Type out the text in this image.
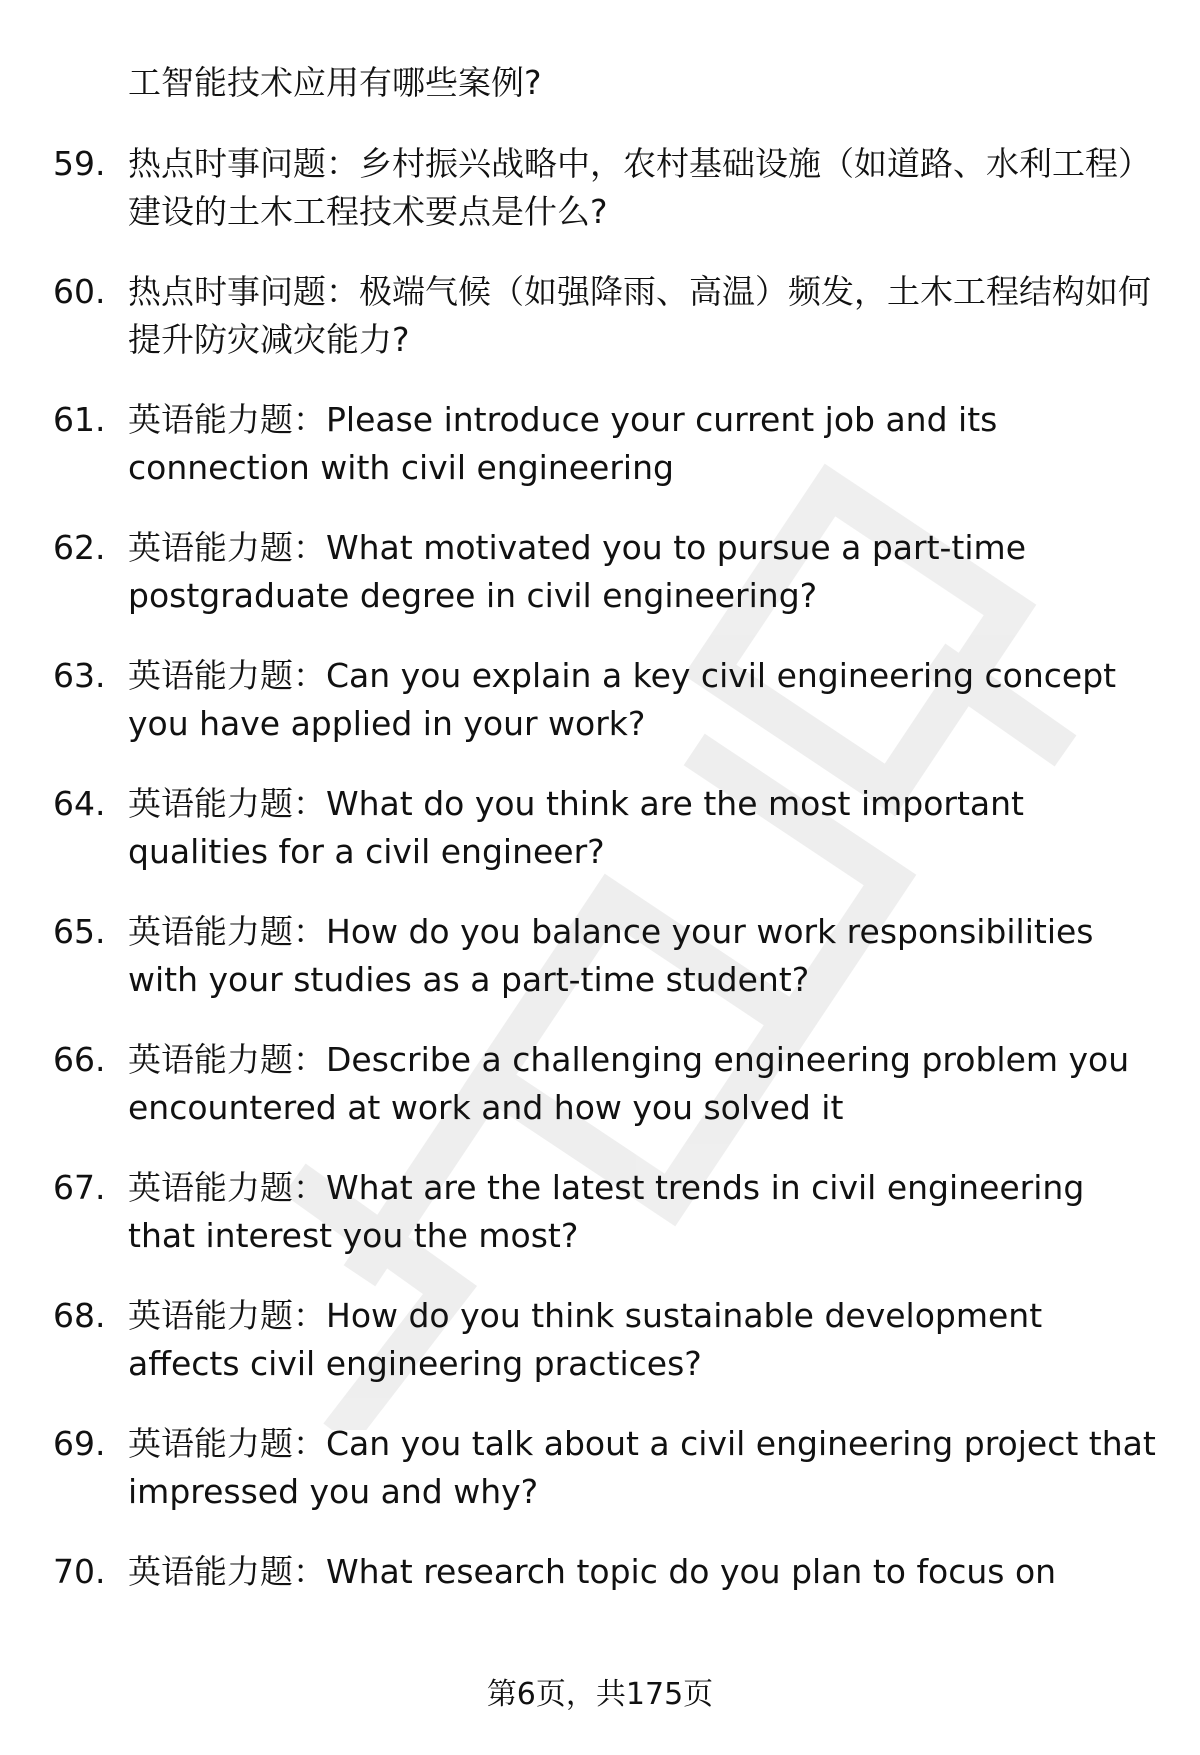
工智能技术应用有哪些案例?
59. 热点时事问题：乡村振兴战略中，农村基础设施（如道路、水利工程）建设的土木工程技术要点是什么?
60. 热点时事问题：极端气候（如强降雨、高温）频发，土木工程结构如何提升防灾减灾能力?
61. 英语能力题：Please introduce your current job and its connection with civil engineering
62. 英语能力题：What motivated you to pursue a part-time postgraduate degree in civil engineering?
63. 英语能力题：Can you explain a key civil engineering concept you have applied in your work?
64. 英语能力题：What do you think are the most important qualities for a civil engineer?
65. 英语能力题：How do you balance your work responsibilities with your studies as a part-time student?
66. 英语能力题：Describe a challenging engineering problem you encountered at work and how you solved it
67. 英语能力题：What are the latest trends in civil engineering that interest you the most?
68. 英语能力题：How do you think sustainable development affects civil engineering practices?
69. 英语能力题：Can you talk about a civil engineering project that impressed you and why?
70. 英语能力题：What research topic do you plan to focus on
第6页，共175页
